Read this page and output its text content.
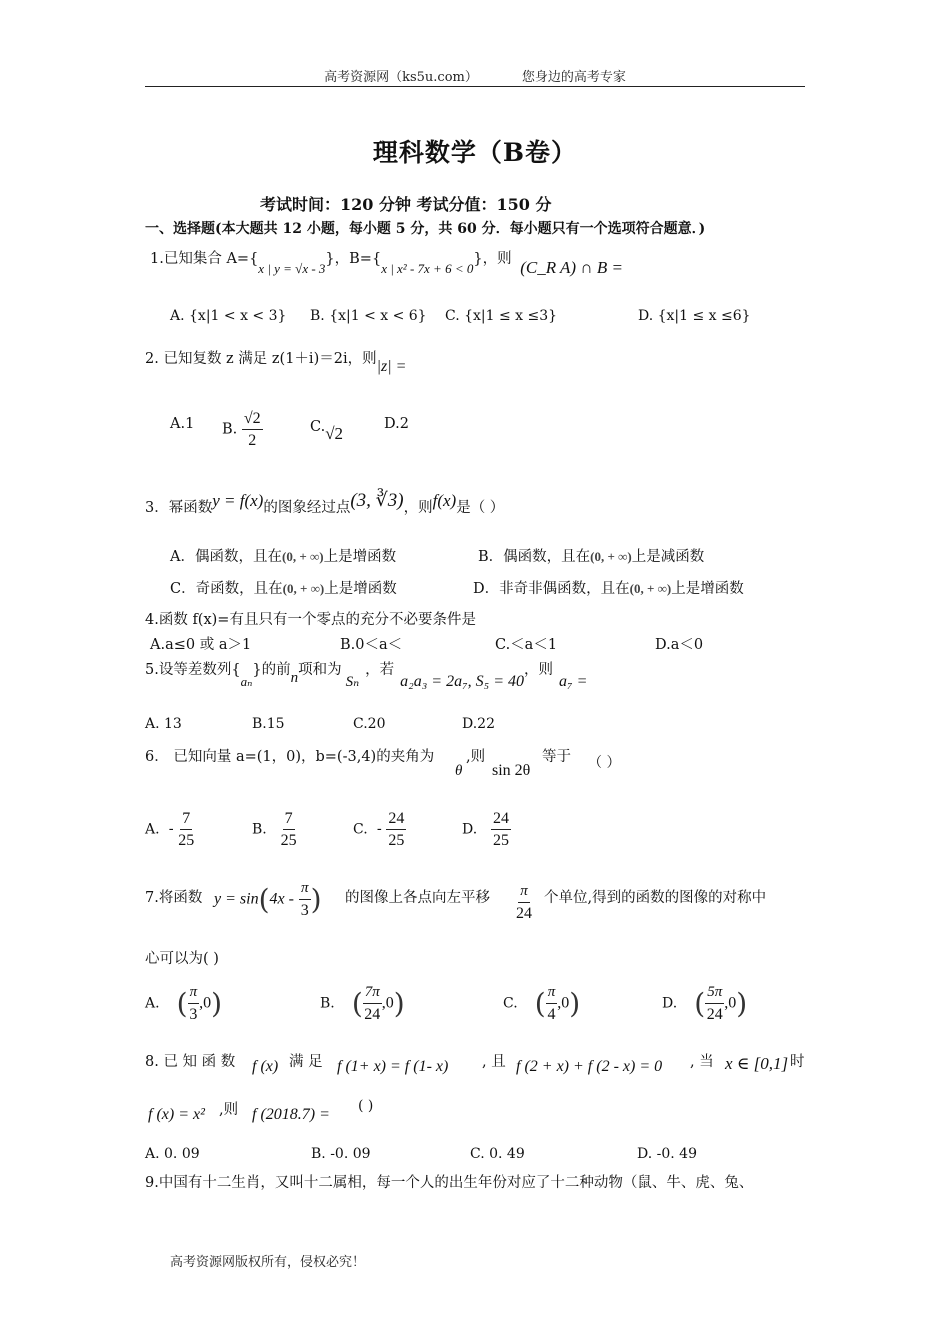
高考资源网（ks5u.com）	您身边的高考专家
理科数学（B卷）
考试时间：120 分钟 考试分值：150 分
一、选择题(本大题共 12 小题，每小题 5 分，共 60 分．每小题只有一个选项符合题意．)
1.已知集合 A={x | y = √x - 3}，B={x | x² - 7x + 6 < 0}，则 (C_R A) ∩ B =
A. {x|1 < x < 3} B. {x|1 < x < 6} C. {x|1 ≤ x ≤3}	D. {x|1 ≤ x ≤6}
2. 已知复数 z 满足 z(1＋i)＝2i，则|z| =
A.1 B. $\frac{√2}{2}$	C.√2	D.2
3．幂函数y = f(x)的图象经过点(3, ∛3)，则f(x)是（ ）
A．偶函数，且在(0, + ∞)上是增函数	B．偶函数，且在(0, + ∞)上是减函数
C．奇函数，且在(0, + ∞)上是增函数	D．非奇非偶函数，且在(0, + ∞)上是增函数
4.函数 f(x)=有且只有一个零点的充分不必要条件是
A.a≤0 或 a＞1	B.0＜a＜	C.＜a＜1	D.a＜0
5.设等差数列{aₙ}的前n项和为Sₙ，若a₂a₃ = 2a₇, S₅ = 40，则a₇ =
A. 13	B.15	C.20	D.22
6． 已知向量 a=(1，0)，b=(-3,4)的夹角为
θ
,则
sin 2θ
等于 （ ）
A. - $\frac{7}{25}$	B. $\frac{7}{25}$	C. - $\frac{24}{25}$	D. $\frac{24}{25}$
7.将函数 $y = \sin(4x - \frac{\pi}{3}$ ) 的图像上各点向左平移 $\frac{\pi}{24}$ 个单位,得到的函数的图像的对称中
心可以为( )
A. ( $\frac{\pi}{3} ,0$)	B. ( $\frac{7\pi}{24} ,0$)	C. ( $\frac{\pi}{4} ,0$)	D. ( $\frac{5\pi}{24} ,0$)
8. 已 知 函 数 f (x) 满 足 f (1+ x) = f (1- x) , 且 f (2 + x) + f (2 - x) = 0 , 当 x ∈ [0,1] 时
f (x) = x² ,则 f (2018.7) = ( )
A. 0. 09	B. -0. 09	C. 0. 49	D. -0. 49
9.中国有十二生肖，又叫十二属相，每一个人的出生年份对应了十二种动物（鼠、牛、虎、兔、
高考资源网版权所有，侵权必究！
